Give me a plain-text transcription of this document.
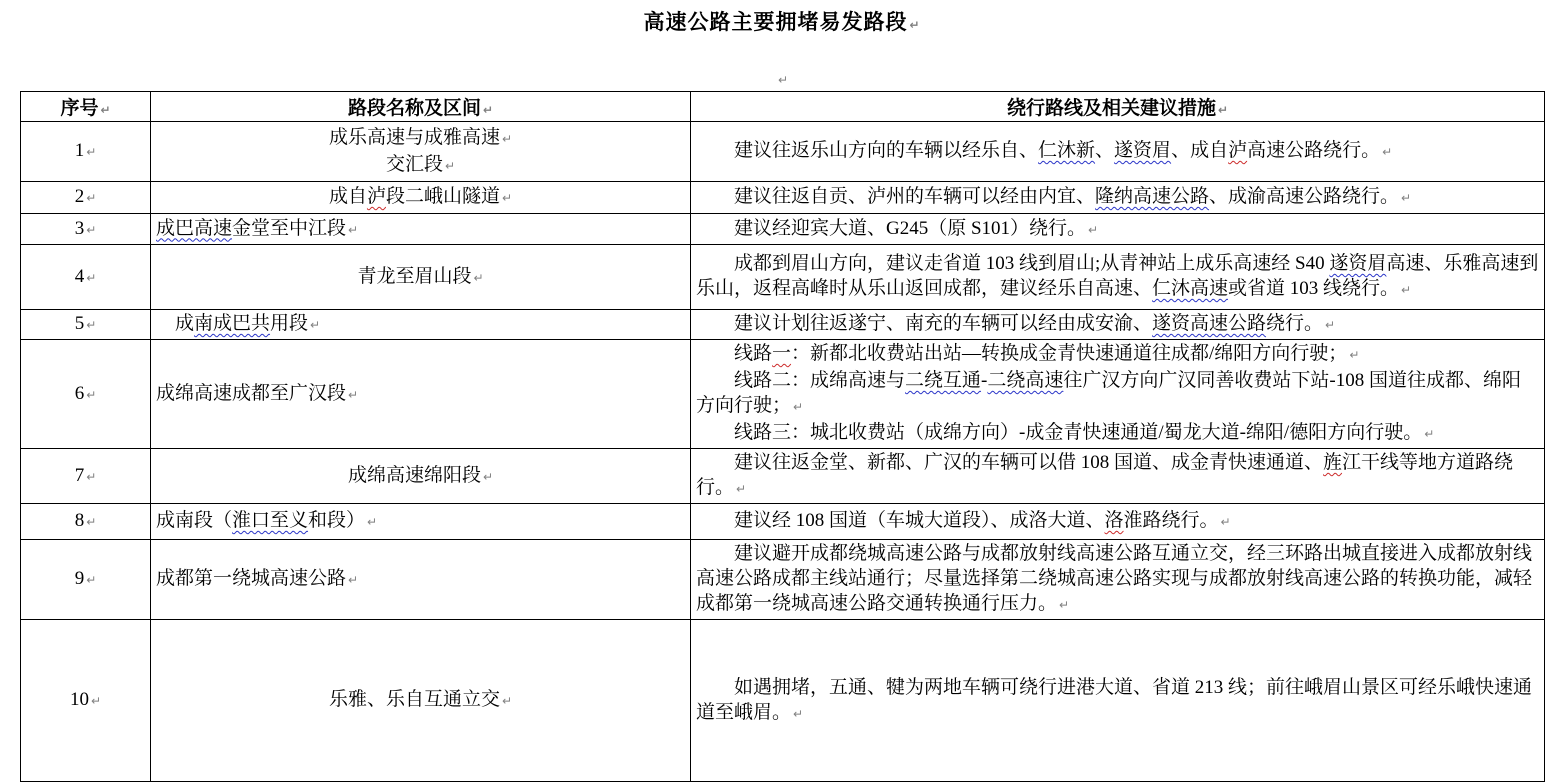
高速公路主要拥堵易发路段 ↵
↵
序号 ↵	路段名称及区间 ↵	绕行路线及相关建议措施 ↵

1 ↵	成乐高速与成雅高速 ↵
交汇段 ↵	建议往返乐山方向的车辆以经乐自、仁沐新、遂资眉、成自泸高速公路绕行。 ↵

2 ↵	成自泸段二峨山隧道 ↵	建议往返自贡、泸州的车辆可以经由内宜、隆纳高速公路、成渝高速公路绕行。 ↵

3 ↵	成巴高速金堂至中江段 ↵	建议经迎宾大道、G245（原 S101）绕行。 ↵

4 ↵	青龙至眉山段 ↵	成都到眉山方向，建议走省道 103 线到眉山;从青神站上成乐高速经 S40 遂资眉高速、乐雅高速到乐山，返程高峰时从乐山返回成都，建议经乐自高速、仁沐高速或省道 103 线绕行。 ↵

5 ↵	成南成巴共用段 ↵	建议计划往返遂宁、南充的车辆可以经由成安渝、遂资高速公路绕行。 ↵

6 ↵	成绵高速成都至广汉段 ↵	线路一：新都北收费站出站—转换成金青快速通道往成都/绵阳方向行驶； ↵
线路二：成绵高速与二绕互通-二绕高速往广汉方向广汉同善收费站下站-108 国道往成都、绵阳方向行驶； ↵
线路三：城北收费站（成绵方向）-成金青快速通道/蜀龙大道-绵阳/德阳方向行驶。 ↵

7 ↵	成绵高速绵阳段 ↵	建议往返金堂、新都、广汉的车辆可以借 108 国道、成金青快速通道、旌江干线等地方道路绕行。 ↵

8 ↵	成南段（淮口至义和段） ↵	建议经 108 国道（车城大道段）、成洛大道、洛淮路绕行。 ↵

9 ↵	成都第一绕城高速公路 ↵	建议避开成都绕城高速公路与成都放射线高速公路互通立交，经三环路出城直接进入成都放射线高速公路成都主线站通行；尽量选择第二绕城高速公路实现与成都放射线高速公路的转换功能，减轻成都第一绕城高速公路交通转换通行压力。 ↵

10 ↵	乐雅、乐自互通立交 ↵	如遇拥堵，五通、犍为两地车辆可绕行进港大道、省道 213 线；前往峨眉山景区可经乐峨快速通道至峨眉。 ↵
